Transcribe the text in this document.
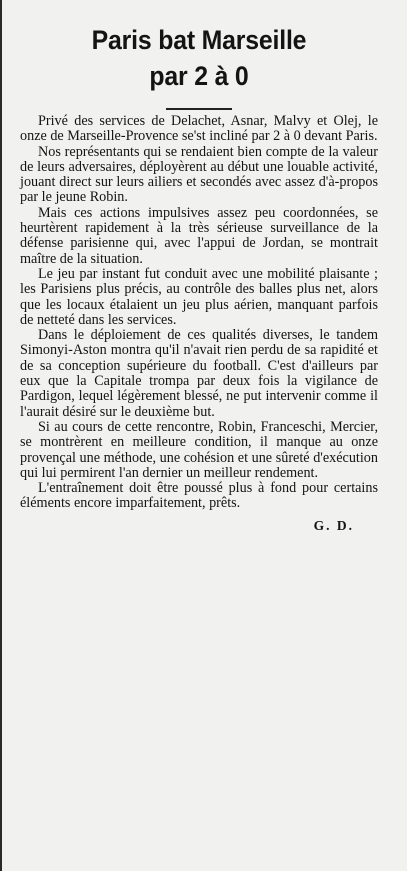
Paris bat Marseille
par 2 à 0

Privé des services de Delachet, Asnar, Malvy et Olej, le onze de Marseille-Provence se'st incliné par 2 à 0 devant Paris.

Nos représentants qui se rendaient bien compte de la valeur de leurs adversaires, déployèrent au début une louable activité, jouant direct sur leurs ailiers et secondés avec assez d'à-propos par le jeune Robin.

Mais ces actions impulsives assez peu coordonnées, se heurtèrent rapidement à la très sérieuse surveillance de la défense parisienne qui, avec l'appui de Jordan, se montrait maître de la situation.

Le jeu par instant fut conduit avec une mobilité plaisante ; les Parisiens plus précis, au contrôle des balles plus net, alors que les locaux étalaient un jeu plus aérien, manquant parfois de netteté dans les services.

Dans le déploiement de ces qualités diverses, le tandem Simonyi-Aston montra qu'il n'avait rien perdu de sa rapidité et de sa conception supérieure du football. C'est d'ailleurs par eux que la Capitale trompa par deux fois la vigilance de Pardigon, lequel légèrement blessé, ne put intervenir comme il l'aurait désiré sur le deuxième but.

Si au cours de cette rencontre, Robin, Franceschi, Mercier, se montrèrent en meilleure condition, il manque au onze provençal une méthode, une cohésion et une sûreté d'exécution qui lui permirent l'an dernier un meilleur rendement.

L'entraînement doit être poussé plus à fond pour certains éléments encore imparfaitement, prêts.

G. D.
